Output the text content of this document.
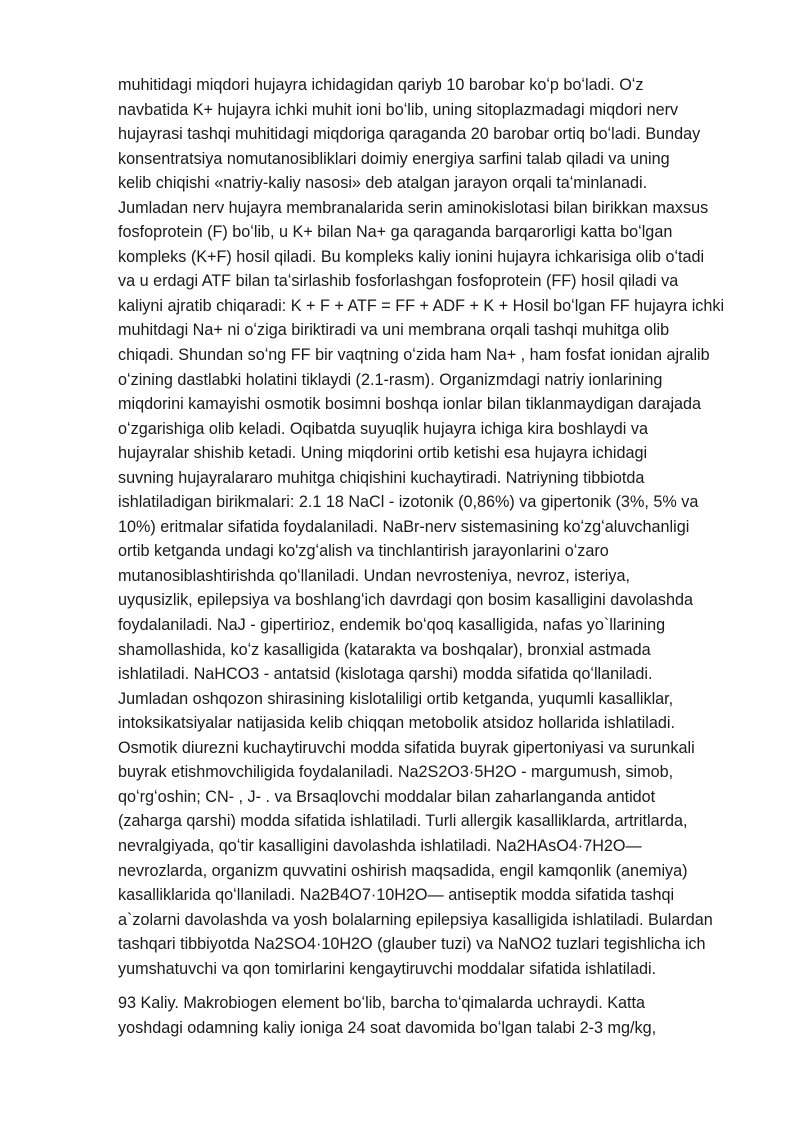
muhitidagi miqdori hujayra ichidagidan qariyb 10 barobar koʻp boʻladi. Oʻz
navbatida K+ hujayra ichki muhit ioni boʻlib, uning sitoplazmadagi miqdori nerv
hujayrasi tashqi muhitidagi miqdoriga qaraganda 20 barobar ortiq boʻladi. Bunday
konsentratsiya nomutanosibliklari doimiy energiya sarfini talab qiladi va uning
kelib chiqishi «natriy-kaliy nasosi» deb atalgan jarayon orqali taʻminlanadi.
Jumladan nerv hujayra membranalarida serin aminokislotasi bilan birikkan maxsus
fosfoprotein (F) boʻlib, u K+ bilan Na+ ga qaraganda barqarorligi katta boʻlgan
kompleks (K+F) hosil qiladi. Bu kompleks kaliy ionini hujayra ichkarisiga olib oʻtadi
va u erdagi ATF bilan taʻsirlashib fosforlashgan fosfoprotein (FF) hosil qiladi va
kaliyni ajratib chiqaradi: K + F + ATF = FF + ADF + K + Hosil boʻlgan FF hujayra ichki
muhitdagi Na+ ni oʻziga biriktiradi va uni membrana orqali tashqi muhitga olib
chiqadi. Shundan soʻng FF bir vaqtning oʻzida ham Na+ , ham fosfat ionidan ajralib
oʻzining dastlabki holatini tiklaydi (2.1-rasm). Organizmdagi natriy ionlarining
miqdorini kamayishi osmotik bosimni boshqa ionlar bilan tiklanmaydigan darajada
oʻzgarishiga olib keladi. Oqibatda suyuqlik hujayra ichiga kira boshlaydi va
hujayralar shishib ketadi. Uning miqdorini ortib ketishi esa hujayra ichidagi
suvning hujayralararo muhitga chiqishini kuchaytiradi. Natriyning tibbiotda
ishlatiladigan birikmalari: 2.1 18 NaCl - izotonik (0,86%) va gipertonik (3%, 5% va
10%) eritmalar sifatida foydalaniladi. NaBr-nerv sistemasining koʻzgʻaluvchanligi
ortib ketganda undagi ko'zgʻalish va tinchlantirish jarayonlarini oʻzaro
mutanosiblashtirishda qoʻllaniladi. Undan nevrosteniya, nevroz, isteriya,
uyqusizlik, epilepsiya va boshlangʻich davrdagi qon bosim kasalligini davolashda
foydalaniladi. NaJ - gipertirioz, endemik boʻqoq kasalligida, nafas yo`llarining
shamollashida, koʻz kasalligida (katarakta va boshqalar), bronxial astmada
ishlatiladi. NaHCO3 - antatsid (kislotaga qarshi) modda sifatida qoʻllaniladi.
Jumladan oshqozon shirasining kislotaliligi ortib ketganda, yuqumli kasalliklar,
intoksikatsiyalar natijasida kelib chiqqan metobolik atsidoz hollarida ishlatiladi.
Osmotik diurezni kuchaytiruvchi modda sifatida buyrak gipertoniyasi va surunkali
buyrak etishmovchiligida foydalaniladi. Na2S2O3·5H2O - margumush, simob,
qoʻrgʻoshin; CN- , J- . va Brsaqlovchi moddalar bilan zaharlanganda antidot
(zaharga qarshi) modda sifatida ishlatiladi. Turli allergik kasalliklarda, artritlarda,
nevralgiyada, qoʻtir kasalligini davolashda ishlatiladi. Na2HAsO4·7H2O—
nevrozlarda, organizm quvvatini oshirish maqsadida, engil kamqonlik (anemiya)
kasalliklarida qoʻllaniladi. Na2B4O7·10H2O— antiseptik modda sifatida tashqi
a`zolarni davolashda va yosh bolalarning epilepsiya kasalligida ishlatiladi. Bulardan
tashqari tibbiyotda Na2SO4·10H2O (glauber tuzi) va NaNO2 tuzlari tegishlicha ich
yumshatuvchi va qon tomirlarini kengaytiruvchi moddalar sifatida ishlatiladi.
93 Kaliy. Makrobiogen element boʻlib, barcha toʻqimalarda uchraydi. Katta
yoshdagi odamning kaliy ioniga 24 soat davomida boʻlgan talabi 2-3 mg/kg,
